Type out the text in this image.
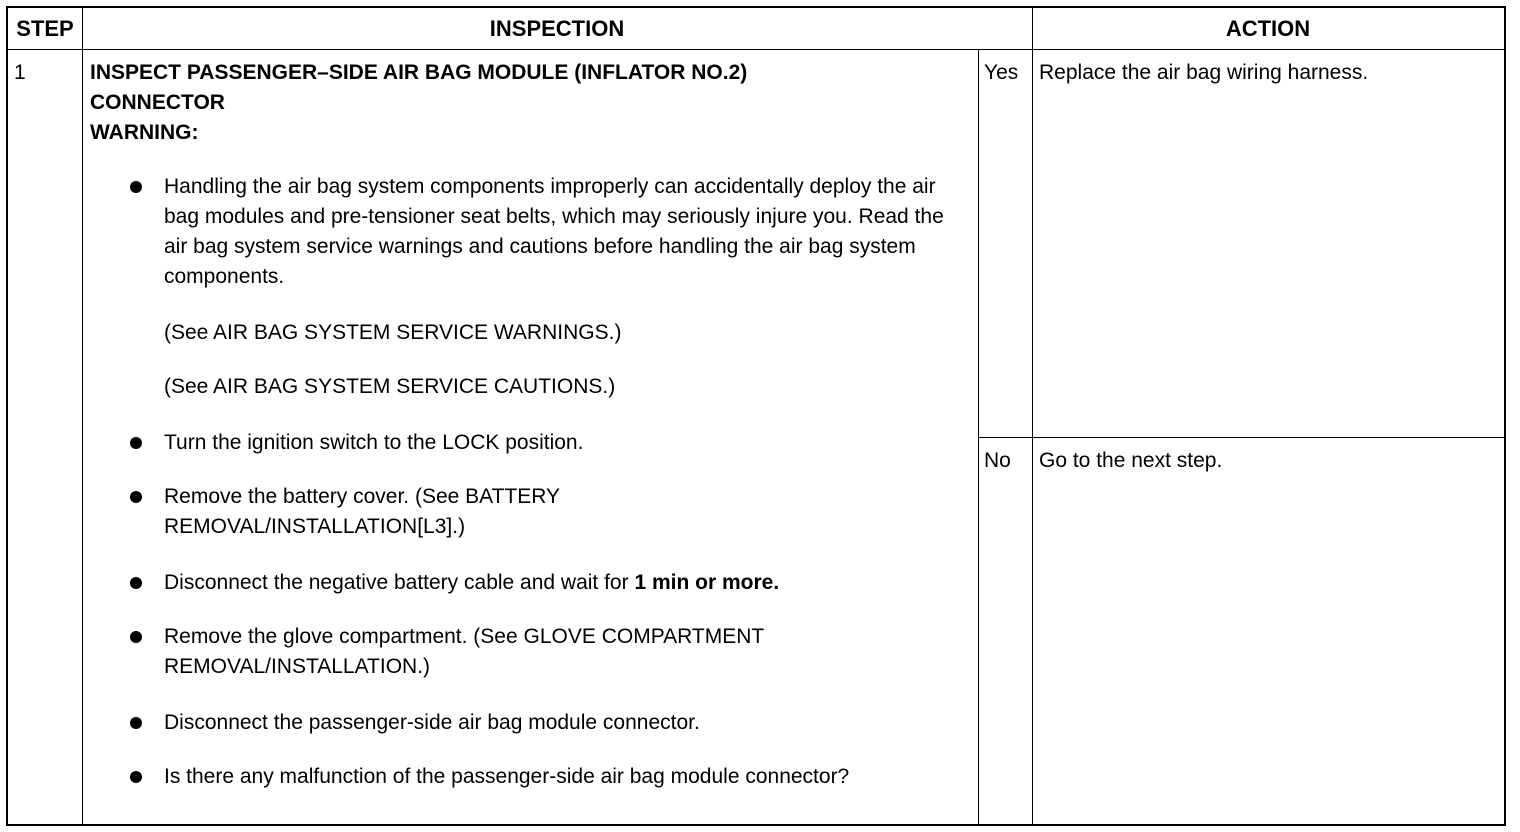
STEP	INSPECTION	ACTION
1	INSPECT PASSENGER–SIDE AIR BAG MODULE (INFLATOR NO.2)
CONNECTOR
WARNING:
Handling the air bag system components improperly can accidentally deploy the air bag modules and pre-tensioner seat belts, which may seriously injure you. Read the air bag system service warnings and cautions before handling the air bag system components.
(See AIR BAG SYSTEM SERVICE WARNINGS.)
(See AIR BAG SYSTEM SERVICE CAUTIONS.)
Turn the ignition switch to the LOCK position.
Remove the battery cover. (See BATTERY REMOVAL/INSTALLATION[L3].)
Disconnect the negative battery cable and wait for 1 min or more.
Remove the glove compartment. (See GLOVE COMPARTMENT REMOVAL/INSTALLATION.)
Disconnect the passenger-side air bag module connector.
Is there any malfunction of the passenger-side air bag module connector?
Yes Replace the air bag wiring harness.
No Go to the next step.
